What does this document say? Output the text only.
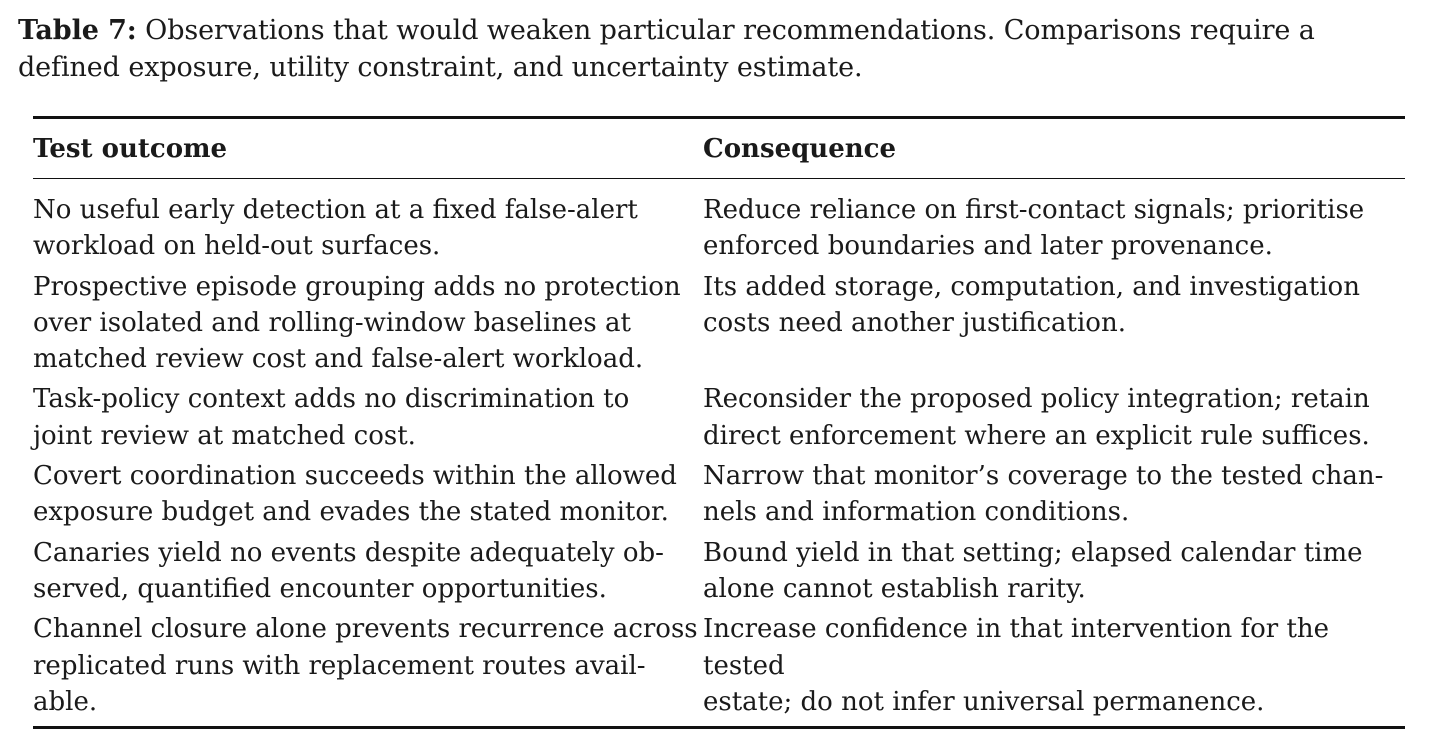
Table 7: Observations that would weaken particular recommendations. Comparisons require a defined exposure, utility constraint, and uncertainty estimate.
Test outcome	Consequence
No useful early detection at a fixed false-alert
workload on held-out surfaces.	Reduce reliance on first-contact signals; prioritise
enforced boundaries and later provenance.
Prospective episode grouping adds no protection
over isolated and rolling-window baselines at
matched review cost and false-alert workload.	Its added storage, computation, and investigation
costs need another justification.
Task-policy context adds no discrimination to
joint review at matched cost.	Reconsider the proposed policy integration; retain
direct enforcement where an explicit rule suffices.
Covert coordination succeeds within the allowed
exposure budget and evades the stated monitor.	Narrow that monitor’s coverage to the tested chan-
nels and information conditions.
Canaries yield no events despite adequately ob-
served, quantified encounter opportunities.	Bound yield in that setting; elapsed calendar time
alone cannot establish rarity.
Channel closure alone prevents recurrence across
replicated runs with replacement routes avail-
able.	Increase confidence in that intervention for the tested
estate; do not infer universal permanence.
